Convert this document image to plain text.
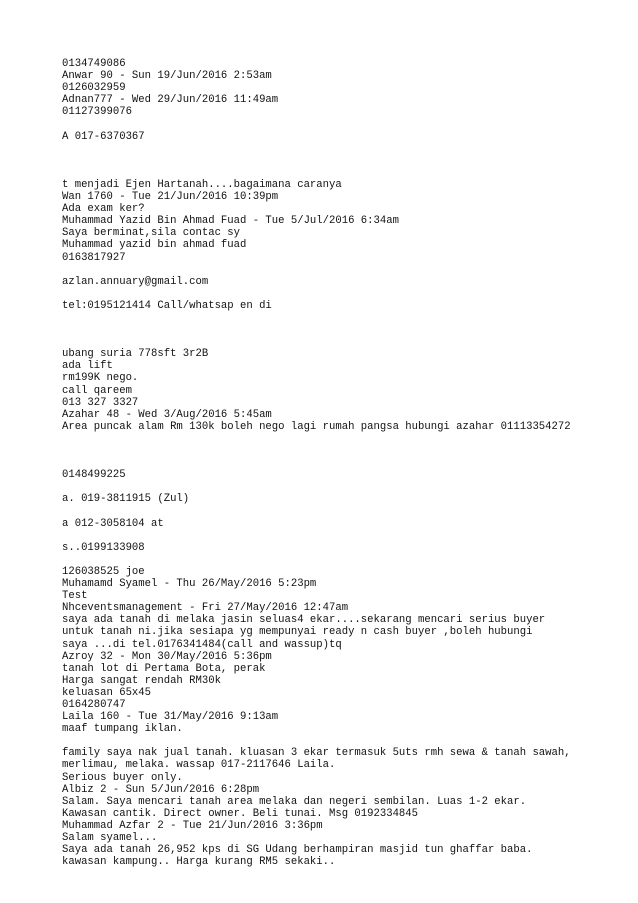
0134749086
Anwar 90 - Sun 19/Jun/2016 2:53am
0126032959
Adnan777 - Wed 29/Jun/2016 11:49am
01127399076
A 017-6370367
t menjadi Ejen Hartanah....bagaimana caranya
Wan 1760 - Tue 21/Jun/2016 10:39pm
Ada exam ker?
Muhammad Yazid Bin Ahmad Fuad - Tue 5/Jul/2016 6:34am
Saya berminat,sila contac sy
Muhammad yazid bin ahmad fuad
0163817927
azlan.annuary@gmail.com
tel:0195121414 Call/whatsap en di
ubang suria 778sft 3r2B
ada lift
rm199K nego.
call qareem
013 327 3327
Azahar 48 - Wed 3/Aug/2016 5:45am
Area puncak alam Rm 130k boleh nego lagi rumah pangsa hubungi azahar 01113354272
0148499225
a. 019-3811915 (Zul)
a 012-3058104 at
s..0199133908
126038525 joe
Muhamamd Syamel - Thu 26/May/2016 5:23pm
Test
Nhceventsmanagement - Fri 27/May/2016 12:47am
saya ada tanah di melaka jasin seluas4 ekar....sekarang mencari serius buyer
untuk tanah ni.jika sesiapa yg mempunyai ready n cash buyer ,boleh hubungi
saya ...di tel.0176341484(call and wassup)tq
Azroy 32 - Mon 30/May/2016 5:36pm
tanah lot di Pertama Bota, perak
Harga sangat rendah RM30k
keluasan 65x45
0164280747
Laila 160 - Tue 31/May/2016 9:13am
maaf tumpang iklan.
family saya nak jual tanah. kluasan 3 ekar termasuk 5uts rmh sewa & tanah sawah,
merlimau, melaka. wassap 017-2117646 Laila.
Serious buyer only.
Albiz 2 - Sun 5/Jun/2016 6:28pm
Salam. Saya mencari tanah area melaka dan negeri sembilan. Luas 1-2 ekar.
Kawasan cantik. Direct owner. Beli tunai. Msg 0192334845
Muhammad Azfar 2 - Tue 21/Jun/2016 3:36pm
Salam syamel...
Saya ada tanah 26,952 kps di SG Udang berhampiran masjid tun ghaffar baba.
kawasan kampung.. Harga kurang RM5 sekaki..
